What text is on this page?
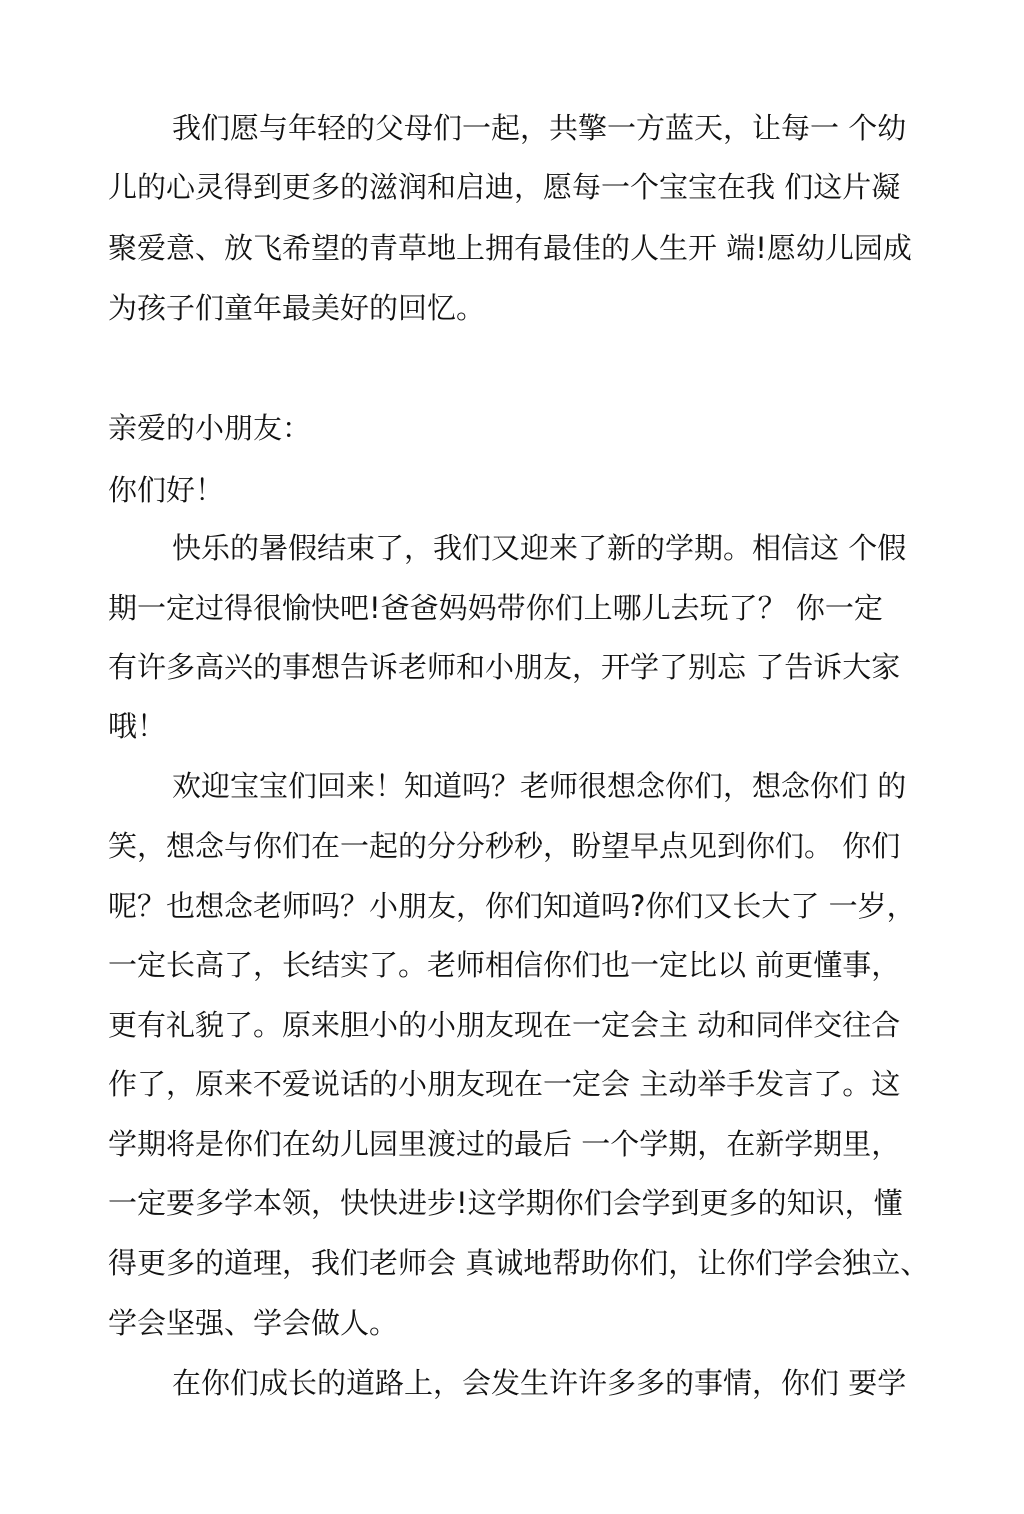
我们愿与年轻的父母们一起，共擎一方蓝天，让每一 个幼
儿的心灵得到更多的滋润和启迪，愿每一个宝宝在我 们这片凝
聚爱意、放飞希望的青草地上拥有最佳的人生开 端!愿幼儿园成
为孩子们童年最美好的回忆。
亲爱的小朋友：
你们好！
快乐的暑假结束了，我们又迎来了新的学期。相信这 个假
期一定过得很愉快吧!爸爸妈妈带你们上哪儿去玩了？ 你一定
有许多高兴的事想告诉老师和小朋友，开学了别忘 了告诉大家
哦！
欢迎宝宝们回来！知道吗？老师很想念你们，想念你们 的
笑，想念与你们在一起的分分秒秒，盼望早点见到你们。 你们
呢？也想念老师吗？小朋友，你们知道吗?你们又长大了 一岁，
一定长高了，长结实了。老师相信你们也一定比以 前更懂事，
更有礼貌了。原来胆小的小朋友现在一定会主 动和同伴交往合
作了，原来不爱说话的小朋友现在一定会 主动举手发言了。这
学期将是你们在幼儿园里渡过的最后 一个学期，在新学期里，
一定要多学本领，快快进步!这学期你们会学到更多的知识，懂
得更多的道理，我们老师会 真诚地帮助你们，让你们学会独立、
学会坚强、学会做人。
在你们成长的道路上，会发生许许多多的事情，你们 要学
